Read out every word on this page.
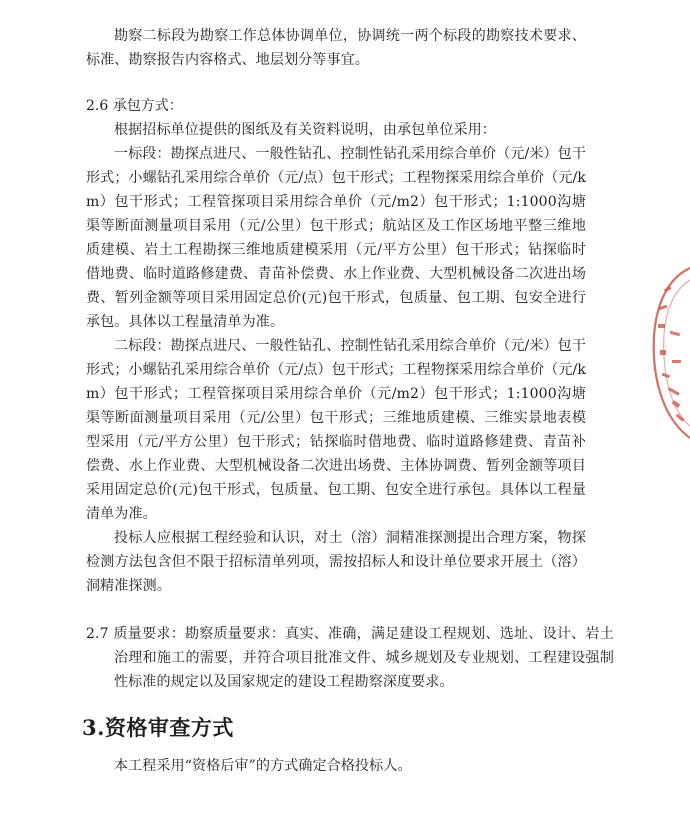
勘察二标段为勘察工作总体协调单位，协调统一两个标段的勘察技术要求、标准、勘察报告内容格式、地层划分等事宜。

2.6 承包方式：

根据招标单位提供的图纸及有关资料说明，由承包单位采用：

一标段：勘探点进尺、一般性钻孔、控制性钻孔采用综合单价（元/米）包干形式；小螺钻孔采用综合单价（元/点）包干形式；工程物探采用综合单价（元/km）包干形式；工程管探项目采用综合单价（元/m2）包干形式；1:1000沟塘渠等断面测量项目采用（元/公里）包干形式；航站区及工作区场地平整三维地质建模、岩土工程勘探三维地质建模采用（元/平方公里）包干形式；钻探临时借地费、临时道路修建费、青苗补偿费、水上作业费、大型机械设备二次进出场费、暂列金额等项目采用固定总价(元)包干形式，包质量、包工期、包安全进行承包。具体以工程量清单为准。

二标段：勘探点进尺、一般性钻孔、控制性钻孔采用综合单价（元/米）包干形式；小螺钻孔采用综合单价（元/点）包干形式；工程物探采用综合单价（元/km）包干形式；工程管探项目采用综合单价（元/m2）包干形式；1:1000沟塘渠等断面测量项目采用（元/公里）包干形式；三维地质建模、三维实景地表模型采用（元/平方公里）包干形式；钻探临时借地费、临时道路修建费、青苗补偿费、水上作业费、大型机械设备二次进出场费、主体协调费、暂列金额等项目采用固定总价(元)包干形式，包质量、包工期、包安全进行承包。具体以工程量清单为准。

投标人应根据工程经验和认识，对土（溶）洞精准探测提出合理方案，物探检测方法包含但不限于招标清单列项，需按招标人和设计单位要求开展土（溶）洞精准探测。

2.7 质量要求：勘察质量要求：真实、准确，满足建设工程规划、选址、设计、岩土治理和施工的需要，并符合项目批准文件、城乡规划及专业规划、工程建设强制性标准的规定以及国家规定的建设工程勘察深度要求。

3.资格审查方式

本工程采用“资格后审”的方式确定合格投标人。
